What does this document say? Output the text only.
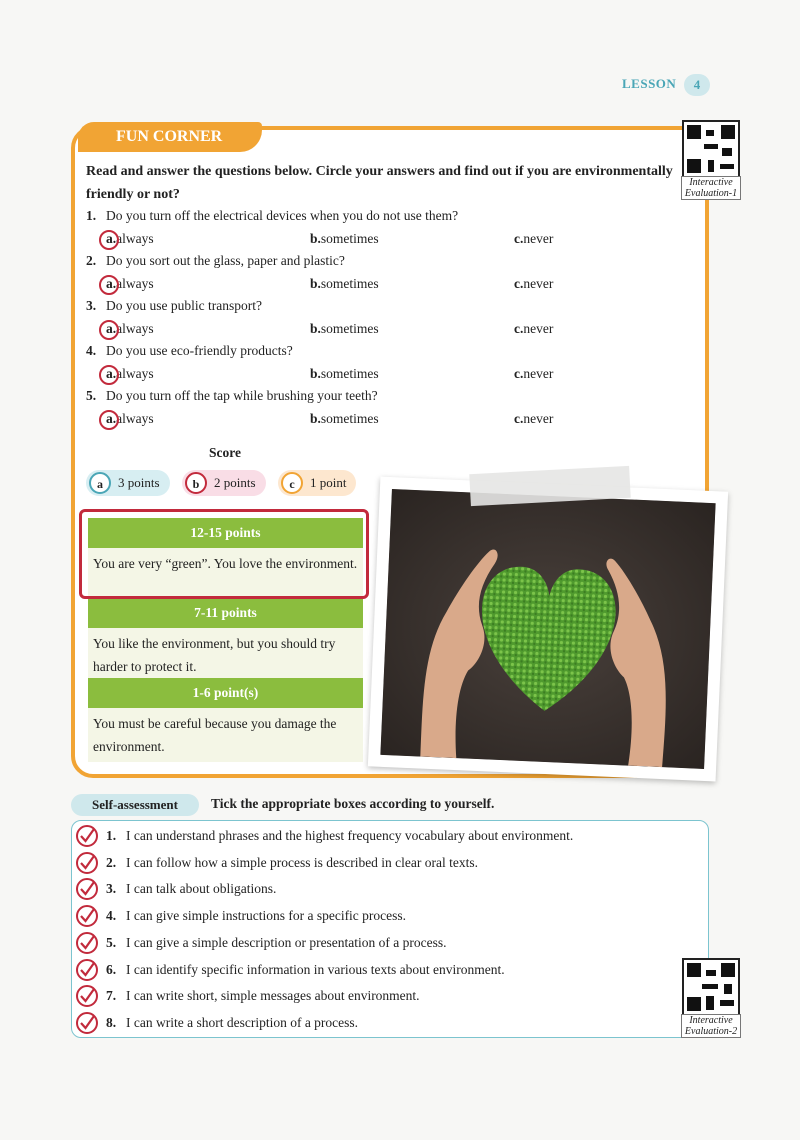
LESSON	4
FUN CORNER
Interactive Evaluation-1
Read and answer the questions below. Circle your answers and find out if you are environmentally friendly or not?
1. Do you turn off the electrical devices when you do not use them?
a.always	b.sometimes	c.never
2. Do you sort out the glass, paper and plastic?
a.always	b.sometimes	c.never
3. Do you use public transport?
a.always	b.sometimes	c.never
4. Do you use eco-friendly products?
a.always	b.sometimes	c.never
5. Do you turn off the tap while brushing your teeth?
a.always	b.sometimes	c.never
Score
a	3 points	b	2 points	c	1 point
12-15 points
You are very “green”. You love the environment.
7-11 points
You like the environment, but you should try harder to protect it.
1-6 point(s)
You must be careful because you damage the environment.
Self-assessment	Tick the appropriate boxes according to yourself.
1. I can understand phrases and the highest frequency vocabulary about environment.
2. I can follow how a simple process is described in clear oral texts.
3. I can talk about obligations.
4. I can give simple instructions for a specific process.
5. I can give a simple description or presentation of a process.
6. I can identify specific information in various texts about environment.
7. I can write short, simple messages about environment.
8. I can write a short description of a process.	Interactive Evaluation-2
